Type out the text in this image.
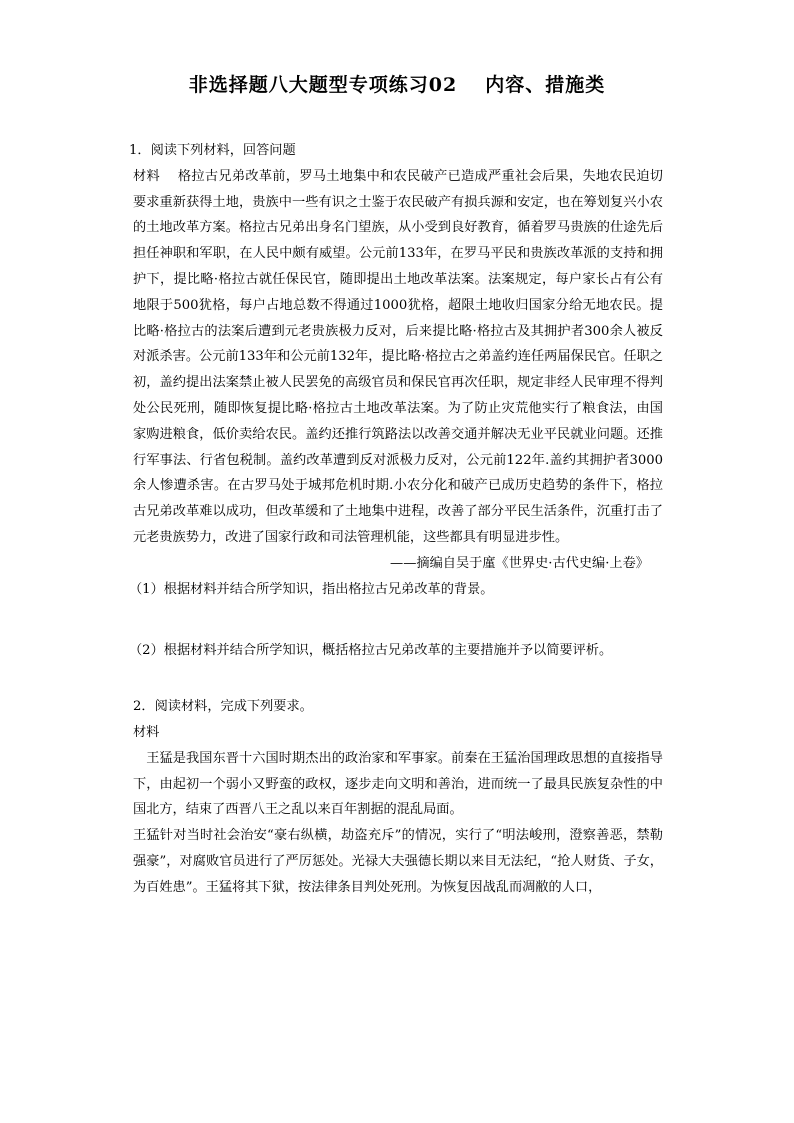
非选择题八大题型专项练习02 内容、措施类

1．阅读下列材料，回答问题

材料　 格拉古兄弟改革前，罗马土地集中和农民破产已造成严重社会后果，失地农民迫切要求重新获得土地，贵族中一些有识之士鉴于农民破产有损兵源和安定，也在筹划复兴小农的土地改革方案。格拉古兄弟出身名门望族，从小受到良好教育，循着罗马贵族的仕途先后担任神职和军职，在人民中颇有威望。公元前133年，在罗马平民和贵族改革派的支持和拥护下，提比略·格拉古就任保民官，随即提出土地改革法案。法案规定，每户家长占有公有地限于500犹格，每户占地总数不得通过1000犹格，超限土地收归国家分给无地农民。提比略·格拉古的法案后遭到元老贵族极力反对，后来提比略·格拉古及其拥护者300余人被反对派杀害。公元前133年和公元前132年，提比略·格拉古之弟盖约连任两届保民官。任职之初，盖约提出法案禁止被人民罢免的高级官员和保民官再次任职，规定非经人民审理不得判处公民死刑，随即恢复提比略·格拉古土地改革法案。为了防止灾荒他实行了粮食法，由国家购进粮食，低价卖给农民。盖约还推行筑路法以改善交通并解决无业平民就业问题。还推行军事法、行省包税制。盖约改革遭到反对派极力反对，公元前122年.盖约其拥护者3000余人惨遭杀害。在古罗马处于城邦危机时期.小农分化和破产已成历史趋势的条件下，格拉古兄弟改革难以成功，但改革缓和了土地集中进程，改善了部分平民生活条件，沉重打击了元老贵族势力，改进了国家行政和司法管理机能，这些都具有明显进步性。

——摘编自吴于廑《世界史·古代史编·上卷》

（1）根据材料并结合所学知识，指出格拉古兄弟改革的背景。

（2）根据材料并结合所学知识，概括格拉古兄弟改革的主要措施并予以简要评析。

2．阅读材料，完成下列要求。

材料

王猛是我国东晋十六国时期杰出的政治家和军事家。前秦在王猛治国理政思想的直接指导下，由起初一个弱小又野蛮的政权，逐步走向文明和善治，进而统一了最具民族复杂性的中国北方，结束了西晋八王之乱以来百年割据的混乱局面。

王猛针对当时社会治安“豪右纵横，劫盗充斥”的情况，实行了“明法峻刑，澄察善恶，禁勒强豪”，对腐败官员进行了严厉惩处。光禄大夫强德长期以来目无法纪，“抢人财货、子女，为百姓患”。王猛将其下狱，按法律条目判处死刑。为恢复因战乱而凋敝的人口，
